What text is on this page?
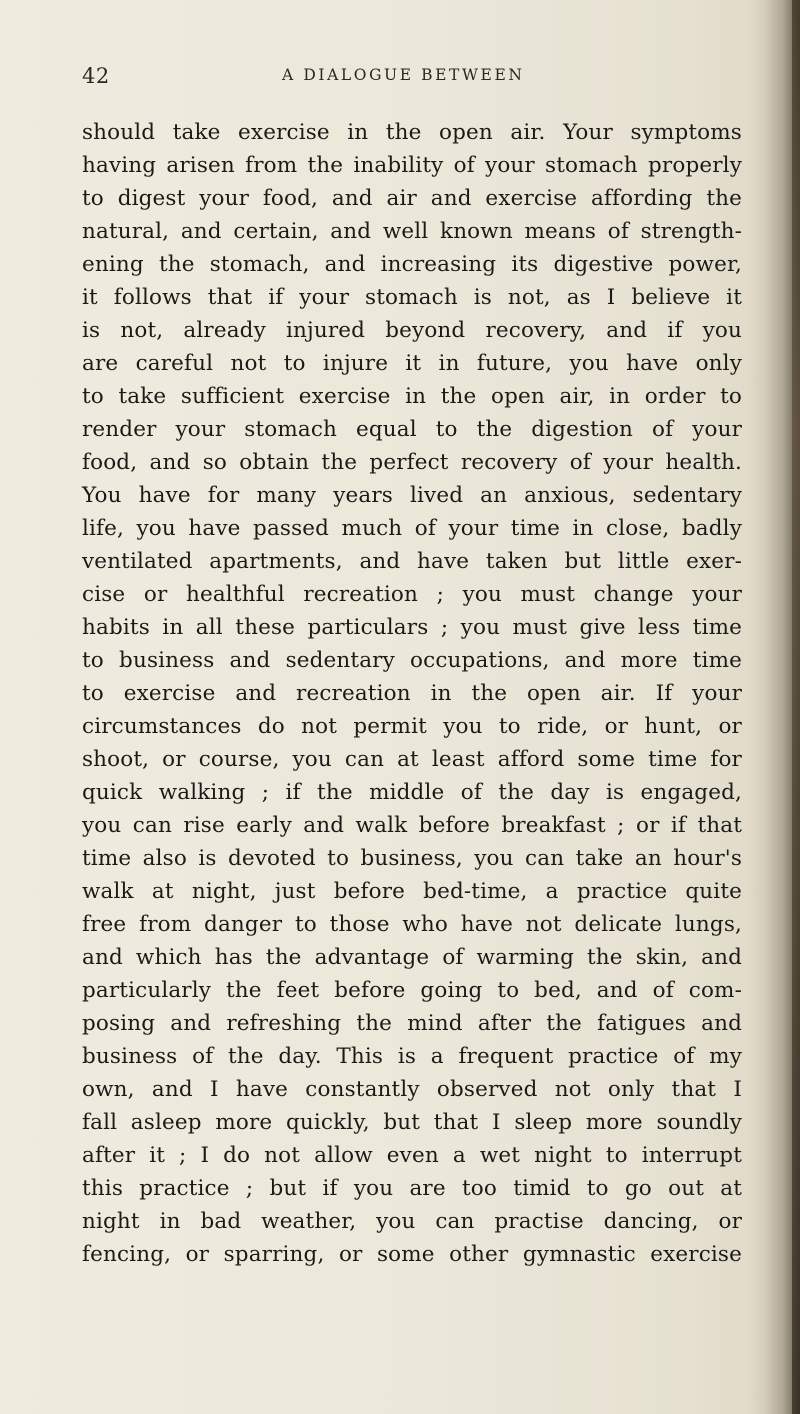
42	A DIALOGUE BETWEEN
should take exercise in the open air. Your symptoms
having arisen from the inability of your stomach properly
to digest your food, and air and exercise affording the
natural, and certain, and well known means of strength-
ening the stomach, and increasing its digestive power,
it follows that if your stomach is not, as I believe it
is not, already injured beyond recovery, and if you
are careful not to injure it in future, you have only
to take sufficient exercise in the open air, in order to
render your stomach equal to the digestion of your
food, and so obtain the perfect recovery of your health.
You have for many years lived an anxious, sedentary
life, you have passed much of your time in close, badly
ventilated apartments, and have taken but little exer-
cise or healthful recreation ; you must change your
habits in all these particulars ; you must give less time
to business and sedentary occupations, and more time
to exercise and recreation in the open air. If your
circumstances do not permit you to ride, or hunt, or
shoot, or course, you can at least afford some time for
quick walking ; if the middle of the day is engaged,
you can rise early and walk before breakfast ; or if that
time also is devoted to business, you can take an hour's
walk at night, just before bed-time, a practice quite
free from danger to those who have not delicate lungs,
and which has the advantage of warming the skin, and
particularly the feet before going to bed, and of com-
posing and refreshing the mind after the fatigues and
business of the day. This is a frequent practice of my
own, and I have constantly observed not only that I
fall asleep more quickly, but that I sleep more soundly
after it ; I do not allow even a wet night to interrupt
this practice ; but if you are too timid to go out at
night in bad weather, you can practise dancing, or
fencing, or sparring, or some other gymnastic exercise
